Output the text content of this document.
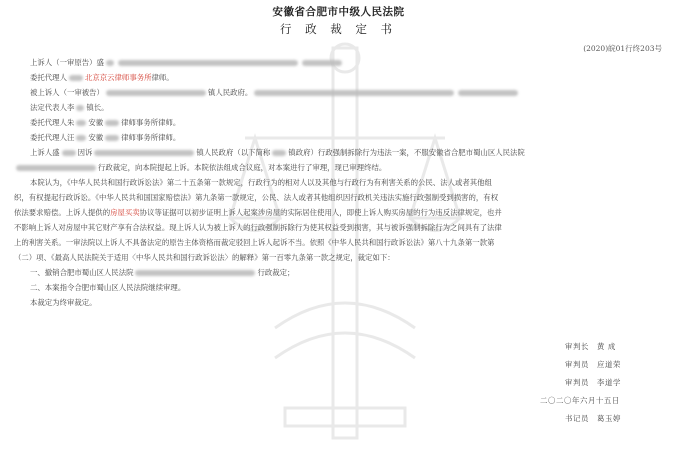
安徽省合肥市中级人民法院
行 政 裁 定 书
(2020)皖01行终203号
上诉人（一审原告）盛
委托代理人 北京京云律师事务所律师。
被上诉人（一审被告）	镇人民政府。
法定代表人李 镇长。
委托代理人朱 安徽 律师事务所律师。
委托代理人汪 安徽 律师事务所律师。
上诉人盛 因诉	镇人民政府（以下简称 镇政府）行政强制拆除行为违法一案，不服安徽省合肥市蜀山区人民法院
行政裁定，向本院提起上诉。本院依法组成合议庭，对本案进行了审理，现已审理终结。
本院认为，《中华人民共和国行政诉讼法》第二十五条第一款规定，行政行为的相对人以及其他与行政行为有利害关系的公民、法人或者其他组
织，有权提起行政诉讼。《中华人民共和国国家赔偿法》第九条第一款规定，公民、法人或者其他组织因行政机关违法实施行政强制受到损害的，有权
依法要求赔偿。上诉人提供的房屋买卖协议等证据可以初步证明上诉人起案涉房屋的实际居住使用人，即使上诉人购买房屋的行为违反法律规定，也并
不影响上诉人对房屋中其它财产享有合法权益。现上诉人认为被上诉人的行政强制拆除行为使其权益受到损害，其与被诉强制拆除行为之间具有了法律
上的利害关系。一审法院以上诉人不具备法定的原告主体资格而裁定驳回上诉人起诉不当。依照《中华人民共和国行政诉讼法》第八十九条第一款第
（二）项、《最高人民法院关于适用〈中华人民共和国行政诉讼法〉的解释》第一百零九条第一款之规定，裁定如下：
一、撤销合肥市蜀山区人民法院	行政裁定；
二、本案指令合肥市蜀山区人民法院继续审理。
本裁定为终审裁定。
审判长　 黄 成
审判员　 应道荣
审判员　 李道学
二〇二〇年六月十五日
书记员　 葛玉婷
